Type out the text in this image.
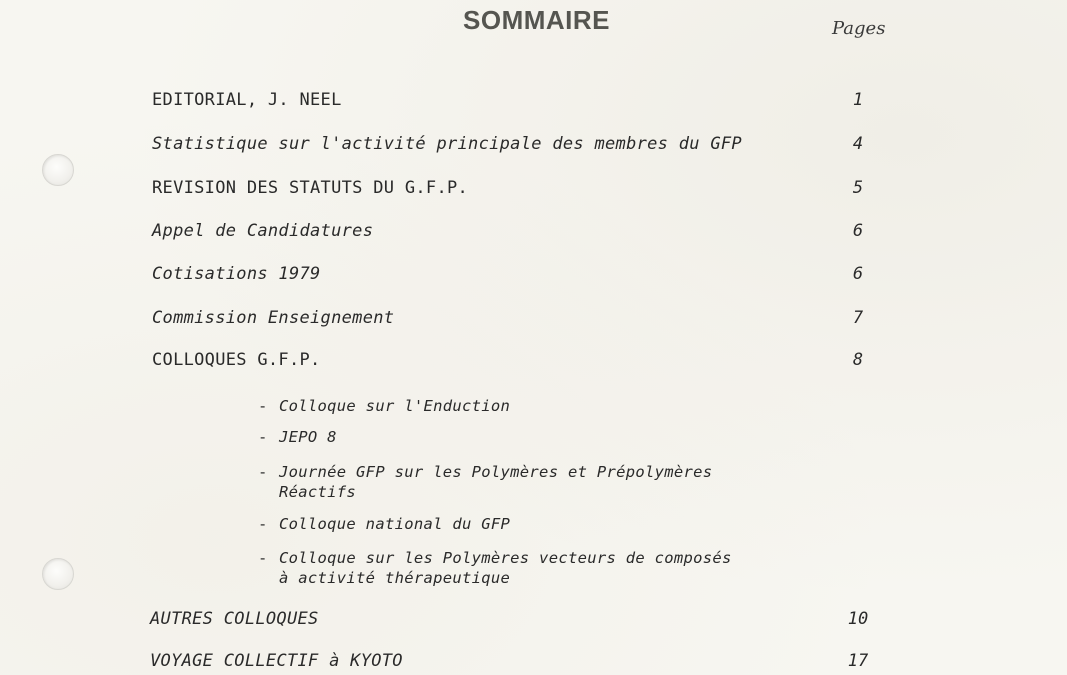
SOMMAIRE	Pages
EDITORIAL, J. NEEL	1
Statistique sur l'activité principale des membres du GFP	4
REVISION DES STATUTS DU G.F.P.	5
Appel de Candidatures	6
Cotisations 1979	6
Commission Enseignement	7
COLLOQUES G.F.P.	8
- Colloque sur l'Enduction
- JEPO 8
- Journée GFP sur les Polymères et Prépolymères
Réactifs
- Colloque national du GFP
- Colloque sur les Polymères vecteurs de composés
à activité thérapeutique
AUTRES COLLOQUES	10
VOYAGE COLLECTIF à KYOTO	17
